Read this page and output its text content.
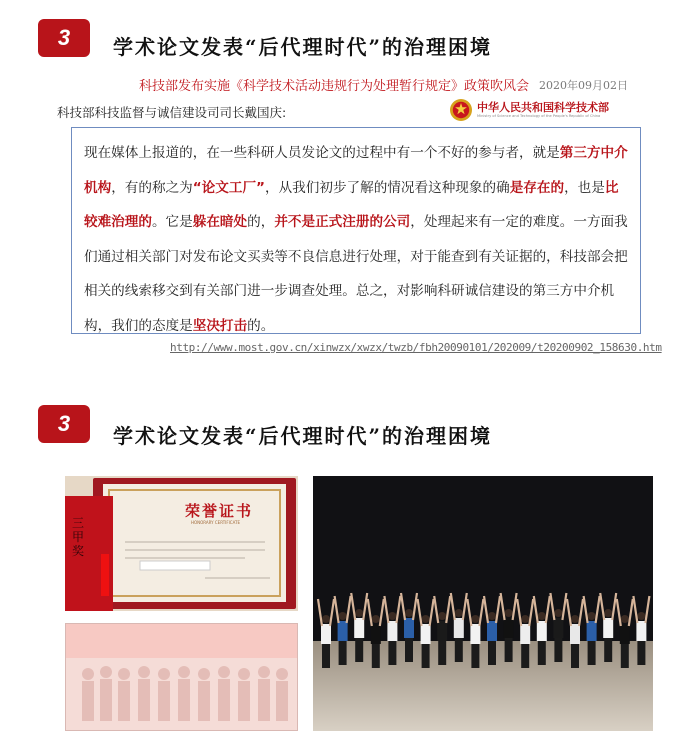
3	学术论文发表“后代理时代”的治理困境
科技部发布实施《科学技术活动违规行为处理暂行规定》政策吹风会 2020年09月02日
科技部科技监督与诚信建设司司长戴国庆:	中华人民共和国科学技术部
Ministry of Science and Technology of the People's Republic of China
现在媒体上报道的，在一些科研人员发论文的过程中有一个不好的参与者，就是第三方中介机构，有的称之为“论文工厂”，从我们初步了解的情况看这种现象的确是存在的，也是比较难治理的。它是躲在暗处的，并不是正式注册的公司，处理起来有一定的难度。一方面我们通过相关部门对发布论文买卖等不良信息进行处理，对于能查到有关证据的，科技部会把相关的线索移交到有关部门进一步调查处理。总之，对影响科研诚信建设的第三方中介机构，我们的态度是坚决打击的。
http://www.most.gov.cn/xinwzx/xwzx/twzb/fbh20090101/202009/t20200902_158630.htm
3	学术论文发表“后代理时代”的治理困境
荣誉证书
HONORARY CERTIFICATE
三甲奖
